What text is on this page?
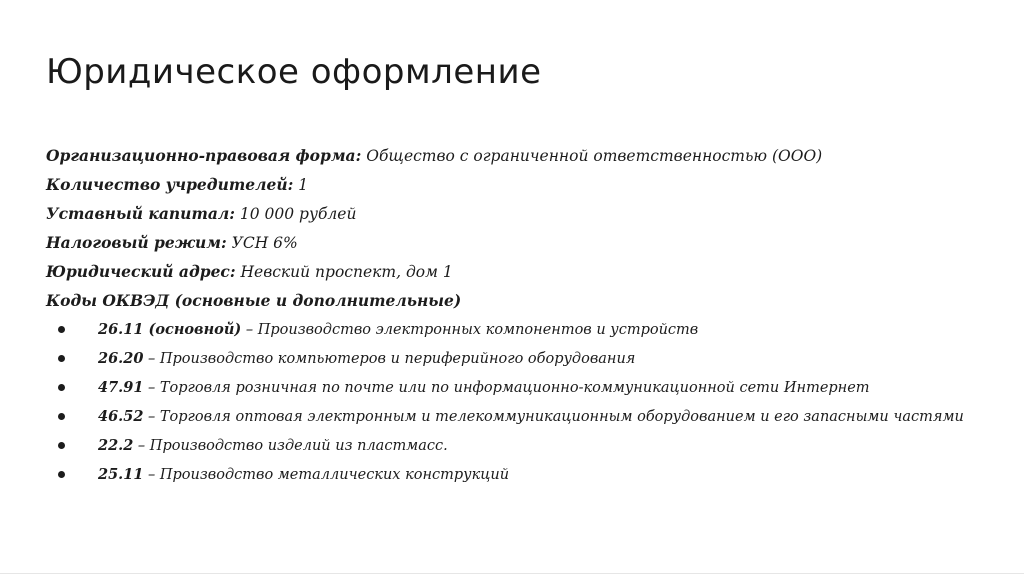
Юридическое оформление
Организационно-правовая форма: Общество с ограниченной ответственностью (ООО)
Количество учредителей: 1
Уставный капитал: 10 000 рублей
Налоговый режим: УСН 6%
Юридический адрес: Невский проспект, дом 1
Коды ОКВЭД (основные и дополнительные)
26.11 (основной) – Производство электронных компонентов и устройств
26.20 – Производство компьютеров и периферийного оборудования
47.91 – Торговля розничная по почте или по информационно-коммуникационной сети Интернет
46.52 – Торговля оптовая электронным и телекоммуникационным оборудованием и его запасными частями
22.2 – Производство изделий из пластмасс.
25.11 – Производство металлических конструкций
